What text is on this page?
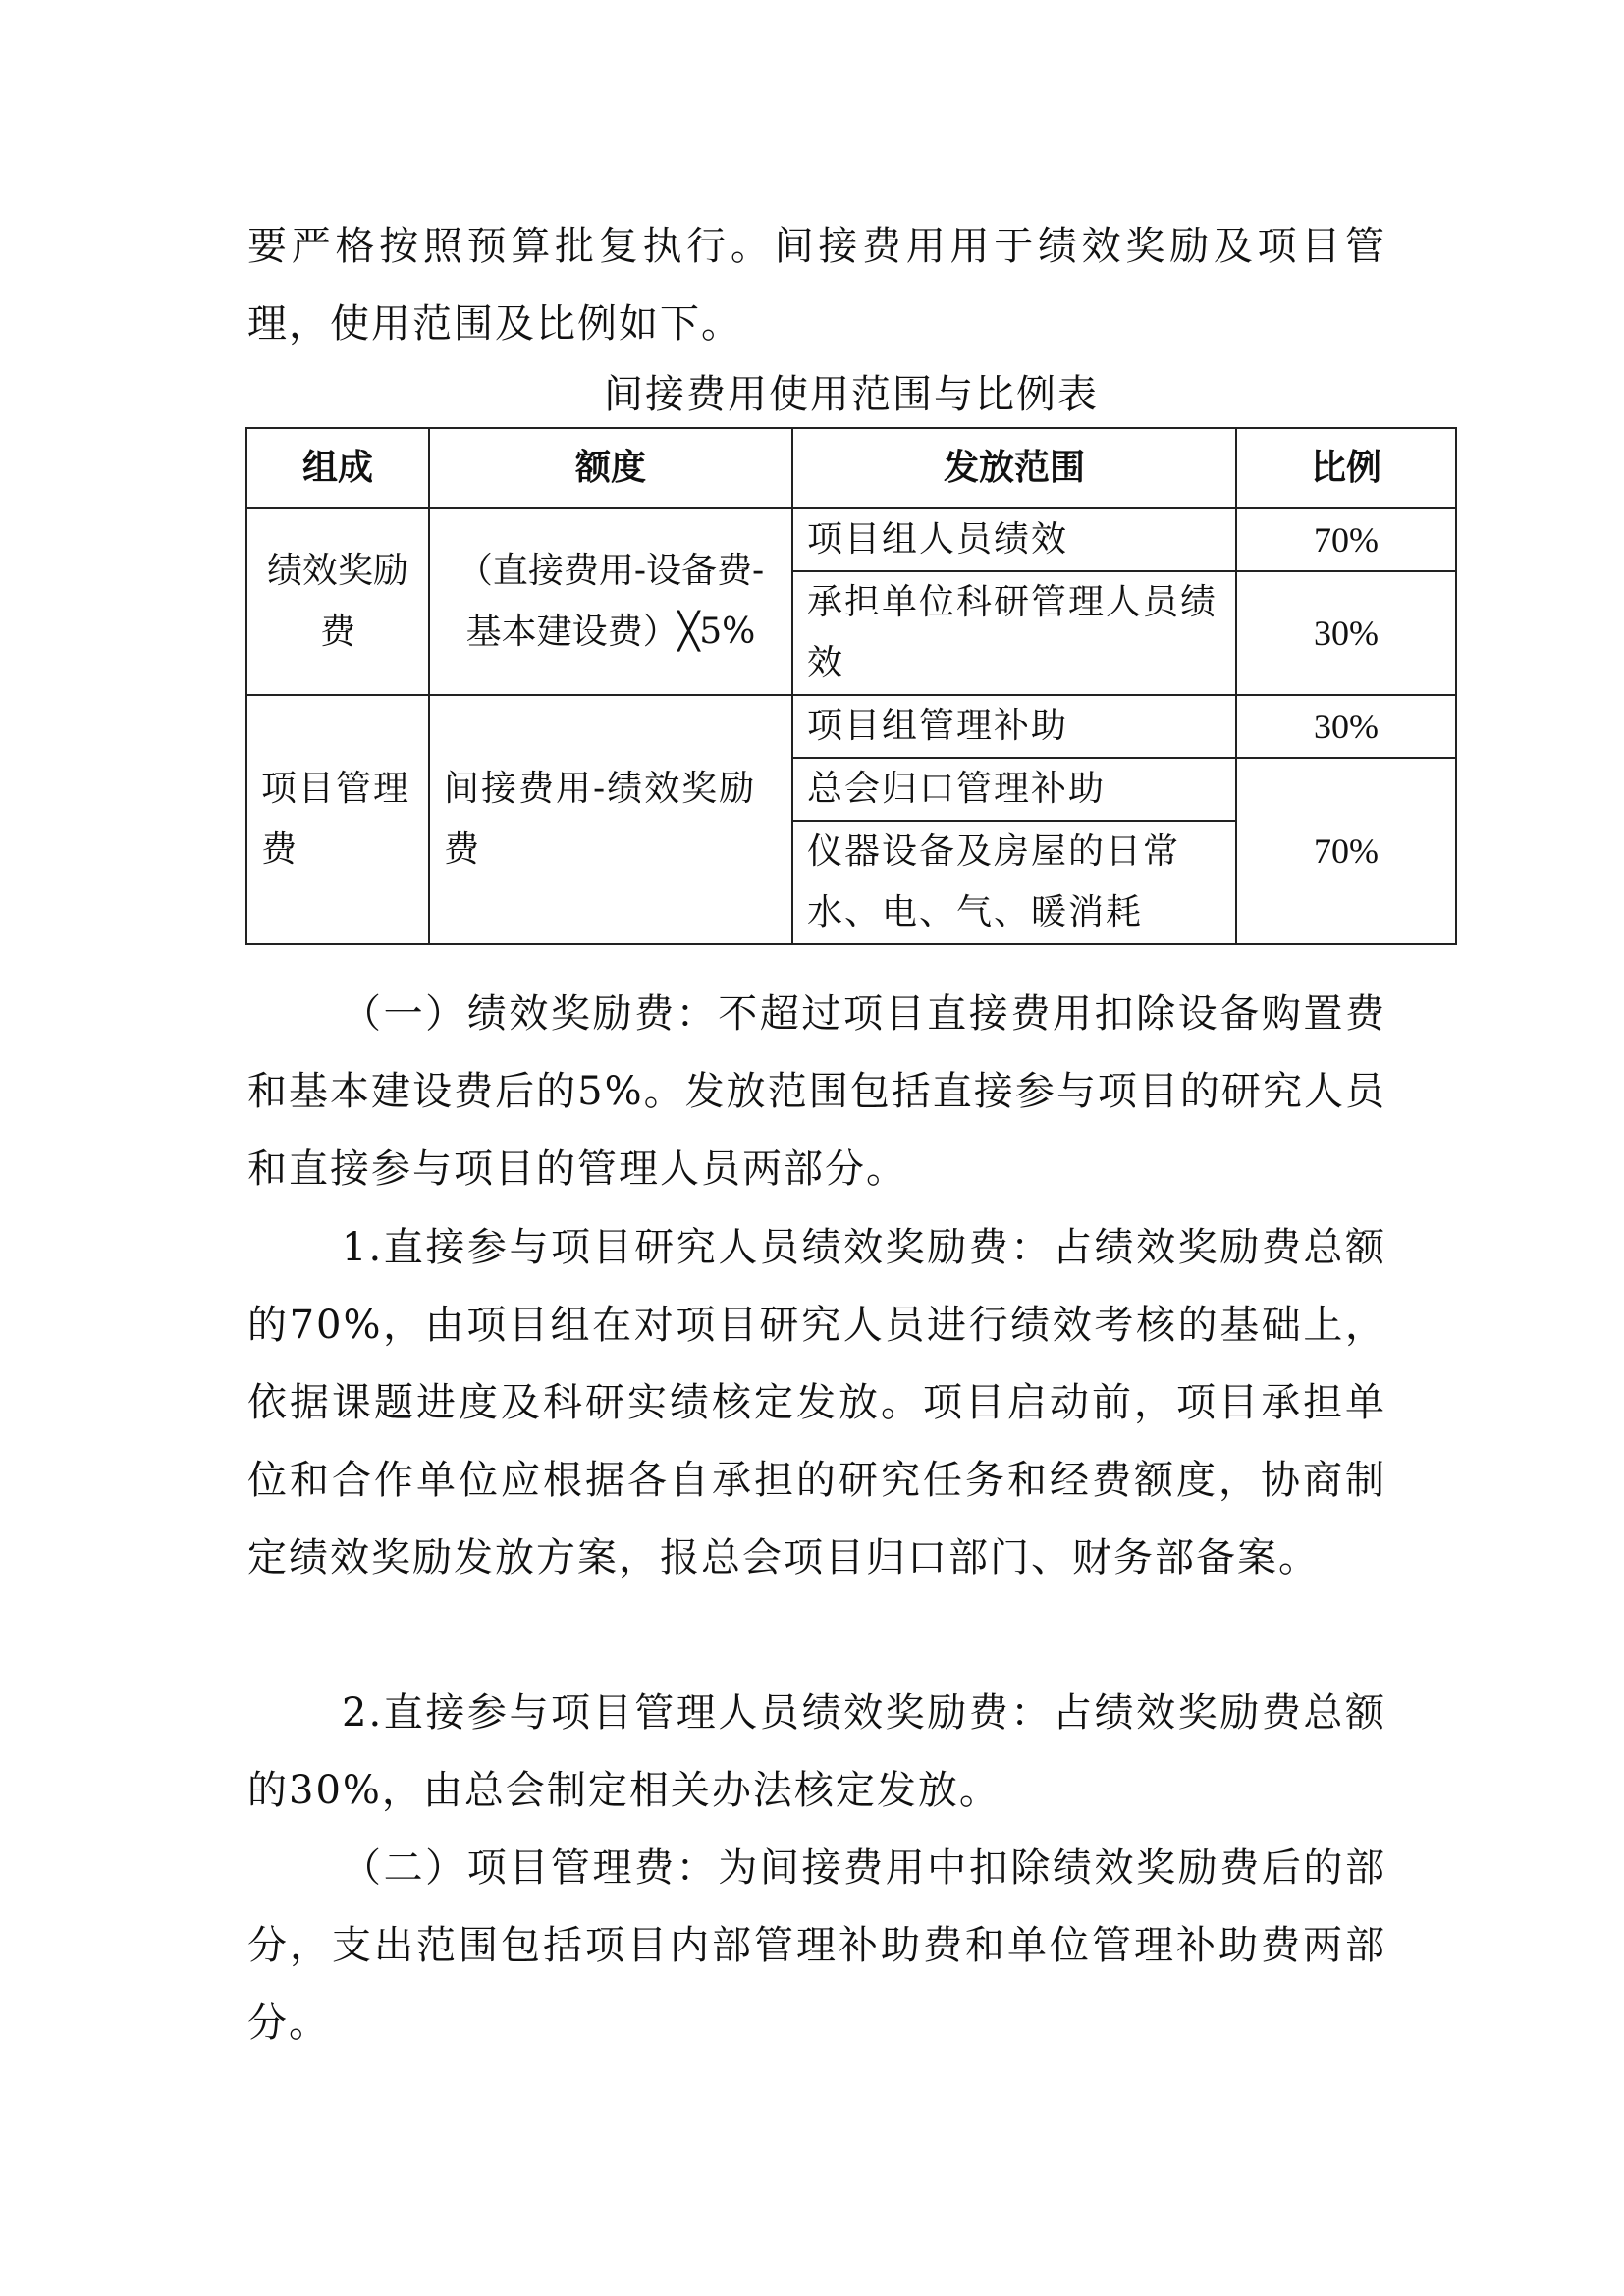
要严格按照预算批复执行。间接费用用于绩效奖励及项目管理，使用范围及比例如下。

间接费用使用范围与比例表

组成	额度	发放范围	比例
绩效奖励费	（直接费用-设备费-基本建设费）╳5%	项目组人员绩效	70%
		承担单位科研管理人员绩效	30%
项目管理费	间接费用-绩效奖励费	项目组管理补助	30%
		总会归口管理补助	70%
		仪器设备及房屋的日常水、电、气、暖消耗	

（一）绩效奖励费：不超过项目直接费用扣除设备购置费和基本建设费后的5%。发放范围包括直接参与项目的研究人员和直接参与项目的管理人员两部分。

1.直接参与项目研究人员绩效奖励费：占绩效奖励费总额的70%，由项目组在对项目研究人员进行绩效考核的基础上，依据课题进度及科研实绩核定发放。项目启动前，项目承担单位和合作单位应根据各自承担的研究任务和经费额度，协商制定绩效奖励发放方案，报总会项目归口部门、财务部备案。

2.直接参与项目管理人员绩效奖励费：占绩效奖励费总额的30%，由总会制定相关办法核定发放。

（二）项目管理费：为间接费用中扣除绩效奖励费后的部分，支出范围包括项目内部管理补助费和单位管理补助费两部分。
